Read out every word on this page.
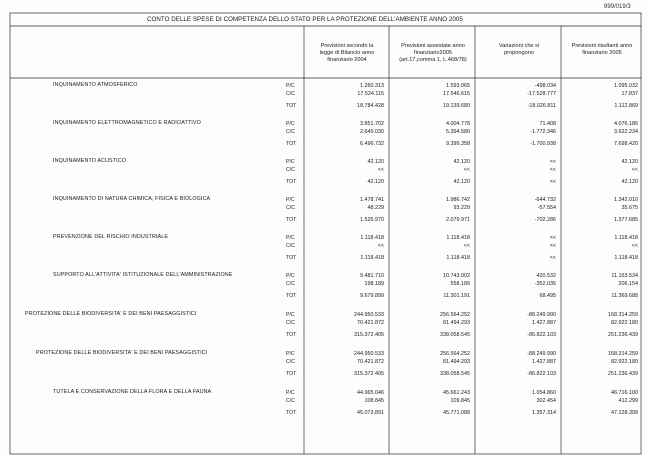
999/019/3
CONTO DELLE SPESE DI COMPETENZA DELLO STATO PER LA PROTEZIONE DELL'AMBIENTE ANNO 2005
Previsioni secondo la legge di Bilancio anno finanziario 2004
Previsioni assestate anno finanziario2005 (art.17,comma 1, L.468/78)
Variazioni che si propongono
Previsioni risultanti anno finanziario 2005
INQUINAMENTO ATMOSFERICO	P/C	1.260.313	1.593.065	-498.034	1.095.032
C/C	17.524.115	17.546.615	-17.528.777	17.837
TOT	18.784.428	19.139.680	-18.026.811	1.112.869
INQUINAMENTO ELETTROMAGNETICO E RADIOATTIVO	P/C	3.851.702	4.004.778	71.408	4.076.186
C/C	2.645.030	5.394.580	-1.772.346	3.622.234
TOT	6.496.732	9.399.358	-1.700.938	7.698.420
INQUINAMENTO ACUSTICO	P/C	42.120	42.120	<<	42.120
C/C	<<	<<	<<	<<
TOT	42.120	42.120	<<	42.120
INQUINAMENTO DI NATURA CHIMICA, FISICA E BIOLOGICA	P/C	1.478.741	1.986.742	-644.732	1.342.010
C/C	48.229	93.229	-57.554	35.675
TOT	1.526.970	2.079.971	-702.286	1.377.685
PREVENZIONE DEL RISCHIO INDUSTRIALE	P/C	1.118.418	1.118.418	<<	1.118.418
C/C	<<	<<	<<	<<
TOT	1.118.418	1.118.418	<<	1.118.418
SUPPORTO ALL'ATTIVITA' ISTITUZIONALE DELL'AMMINISTRAZIONE	P/C	9.481.710	10.743.002	420.532	11.163.534
C/C	198.189	558.189	-352.035	206.154
TOT	9.679.899	11.301.191	68.495	11.369.688
PROTEZIONE DELLE BIODIVERSITA' E DEI BENI PAESAGGISTICI	P/C	244.950.533	256.564.252	-88.249.990	168.314.259
C/C	70.421.872	81.494.293	1.427.887	82.922.180
TOT	315.372.405	338.058.545	-86.822.103	251.236.439
PROTEZIONE DELLE BIODIVERSITA' E DEI BENI PAESAGGISTICI	P/C	244.950.533	256.564.252	-88.249.990	168.314.259
C/C	70.421.872	81.494.293	1.427.887	82.922.180
TOT	315.372.405	338.058.545	-86.822.103	251.236.439
TUTELA E CONSERVAZIONE DELLA FLORA E DELLA FAUNA	P/C	44.965.046	45.661.243	1.054.860	46.716.100
C/C	108.845	109.845	302.454	412.299
TOT	45.073.891	45.771.088	1.357.314	47.128.399
